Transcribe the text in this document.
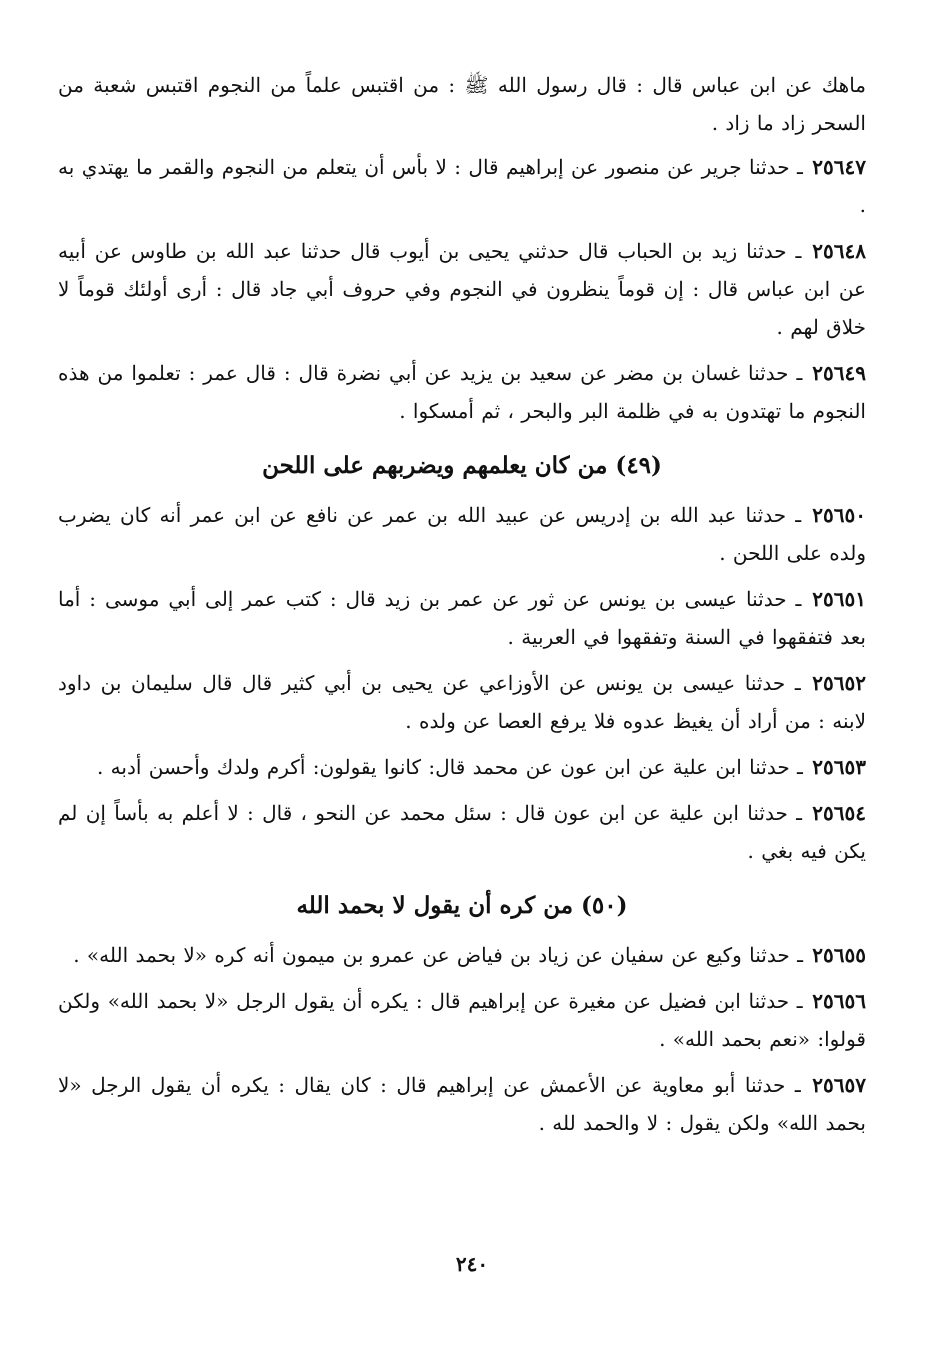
ماهك عن ابن عباس قال : قال رسول الله ﷺ : من اقتبس علماً من النجوم اقتبس شعبة من السحر زاد ما زاد .

٢٥٦٤٧ ـ حدثنا جرير عن منصور عن إبراهيم قال : لا بأس أن يتعلم من النجوم والقمر ما يهتدي به .

٢٥٦٤٨ ـ حدثنا زيد بن الحباب قال حدثني يحيى بن أيوب قال حدثنا عبد الله بن طاوس عن أبيه عن ابن عباس قال : إن قوماً ينظرون في النجوم وفي حروف أبي جاد قال : أرى أولئك قوماً لا خلاق لهم .

٢٥٦٤٩ ـ حدثنا غسان بن مضر عن سعيد بن يزيد عن أبي نضرة قال : قال عمر : تعلموا من هذه النجوم ما تهتدون به في ظلمة البر والبحر ، ثم أمسكوا .

(٤٩) من كان يعلمهم ويضربهم على اللحن

٢٥٦٥٠ ـ حدثنا عبد الله بن إدريس عن عبيد الله بن عمر عن نافع عن ابن عمر أنه كان يضرب ولده على اللحن .

٢٥٦٥١ ـ حدثنا عيسى بن يونس عن ثور عن عمر بن زيد قال : كتب عمر إلى أبي موسى : أما بعد فتفقهوا في السنة وتفقهوا في العربية .

٢٥٦٥٢ ـ حدثنا عيسى بن يونس عن الأوزاعي عن يحيى بن أبي كثير قال قال سليمان بن داود لابنه : من أراد أن يغيظ عدوه فلا يرفع العصا عن ولده .

٢٥٦٥٣ ـ حدثنا ابن علية عن ابن عون عن محمد قال: كانوا يقولون: أكرم ولدك وأحسن أدبه .

٢٥٦٥٤ ـ حدثنا ابن علية عن ابن عون قال : سئل محمد عن النحو ، قال : لا أعلم به بأساً إن لم يكن فيه بغي .

(٥٠) من كره أن يقول لا بحمد الله

٢٥٦٥٥ ـ حدثنا وكيع عن سفيان عن زياد بن فياض عن عمرو بن ميمون أنه كره «لا بحمد الله» .

٢٥٦٥٦ ـ حدثنا ابن فضيل عن مغيرة عن إبراهيم قال : يكره أن يقول الرجل «لا بحمد الله» ولكن قولوا: «نعم بحمد الله» .

٢٥٦٥٧ ـ حدثنا أبو معاوية عن الأعمش عن إبراهيم قال : كان يقال : يكره أن يقول الرجل «لا بحمد الله» ولكن يقول : لا والحمد لله .

٢٤٠
